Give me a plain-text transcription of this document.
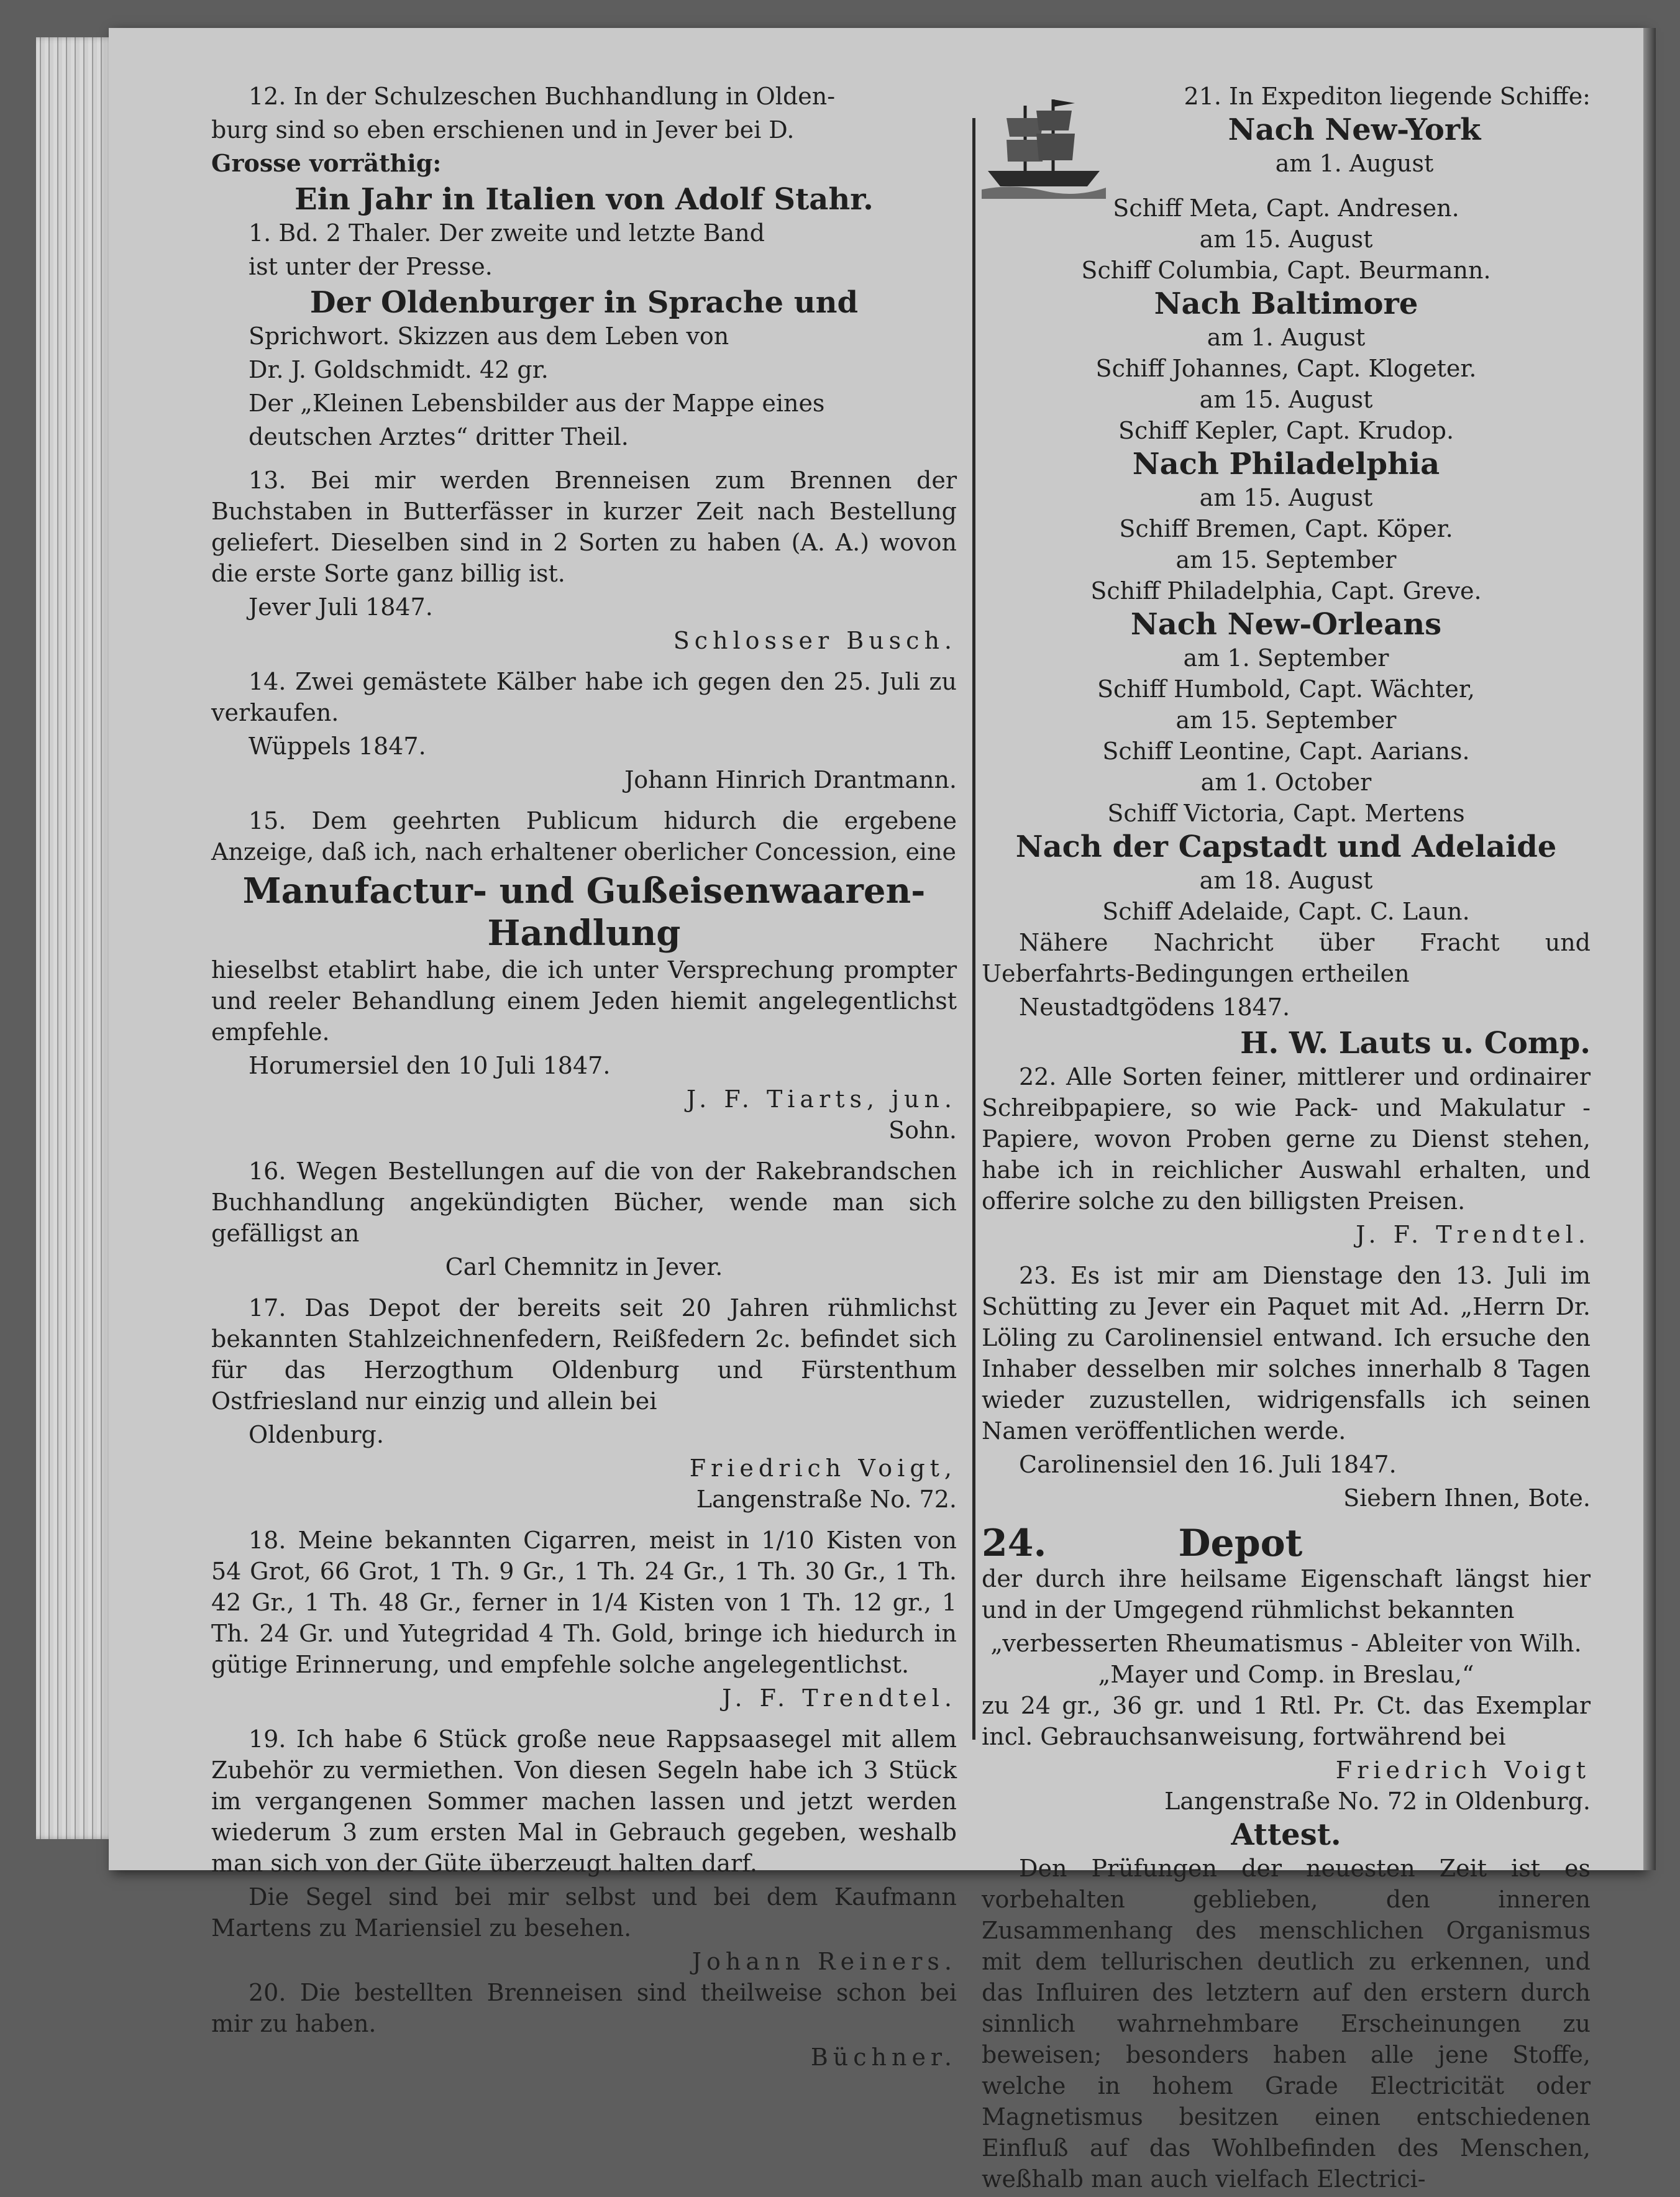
12. In der Schulzeschen Buchhandlung in Olden-
burg sind so eben erschienen und in Jever bei D.
Grosse vorräthig:
Ein Jahr in Italien von Adolf Stahr.
1. Bd. 2 Thaler. Der zweite und letzte Band
ist unter der Presse.
Der Oldenburger in Sprache und
Sprichwort. Skizzen aus dem Leben von
Dr. J. Goldschmidt. 42 gr.
Der „Kleinen Lebensbilder aus der Mappe eines
deutschen Arztes“ dritter Theil.
13. Bei mir werden Brenneisen zum Brennen der Buchstaben in Butterfässer in kurzer Zeit nach Bestellung geliefert. Dieselben sind in 2 Sorten zu haben (A. A.) wovon die erste Sorte ganz billig ist.
Jever Juli 1847.
Schlosser Busch.
14. Zwei gemästete Kälber habe ich gegen den 25. Juli zu verkaufen.
Wüppels 1847.
Johann Hinrich Drantmann.
15. Dem geehrten Publicum hidurch die ergebene Anzeige, daß ich, nach erhaltener oberlicher Concession, eine
Manufactur- und Gußeisenwaaren-
Handlung
hieselbst etablirt habe, die ich unter Versprechung prompter und reeler Behandlung einem Jeden hiemit angelegentlichst empfehle.
Horumersiel den 10 Juli 1847.
J. F. Tiarts, jun.
Sohn.
16. Wegen Bestellungen auf die von der Rakebrandschen Buchhandlung angekündigten Bücher, wende man sich gefälligst an
Carl Chemnitz in Jever.
17. Das Depot der bereits seit 20 Jahren rühmlichst bekannten Stahlzeichnenfedern, Reißfedern 2c. befindet sich für das Herzogthum Oldenburg und Fürstenthum Ostfriesland nur einzig und allein bei
Oldenburg.
Friedrich Voigt,
Langenstraße No. 72.
18. Meine bekannten Cigarren, meist in 1/10 Kisten von 54 Grot, 66 Grot, 1 Th. 9 Gr., 1 Th. 24 Gr., 1 Th. 30 Gr., 1 Th. 42 Gr., 1 Th. 48 Gr., ferner in 1/4 Kisten von 1 Th. 12 gr., 1 Th. 24 Gr. und Yutegridad 4 Th. Gold, bringe ich hiedurch in gütige Erinnerung, und empfehle solche angelegentlichst.
J. F. Trendtel.
19. Ich habe 6 Stück große neue Rappsaasegel mit allem Zubehör zu vermiethen. Von diesen Segeln habe ich 3 Stück im vergangenen Sommer machen lassen und jetzt werden wiederum 3 zum ersten Mal in Gebrauch gegeben, weshalb man sich von der Güte überzeugt halten darf.
Die Segel sind bei mir selbst und bei dem Kaufmann Martens zu Mariensiel zu besehen.
Johann Reiners.
20. Die bestellten Brenneisen sind theilweise schon bei mir zu haben.
Büchner.
21. In Expediton liegende Schiffe:
Nach New-York
am 1. August
Schiff Meta, Capt. Andresen.
am 15. August
Schiff Columbia, Capt. Beurmann.
Nach Baltimore
am 1. August
Schiff Johannes, Capt. Klogeter.
am 15. August
Schiff Kepler, Capt. Krudop.
Nach Philadelphia
am 15. August
Schiff Bremen, Capt. Köper.
am 15. September
Schiff Philadelphia, Capt. Greve.
Nach New-Orleans
am 1. September
Schiff Humbold, Capt. Wächter,
am 15. September
Schiff Leontine, Capt. Aarians.
am 1. October
Schiff Victoria, Capt. Mertens
Nach der Capstadt und Adelaide
am 18. August
Schiff Adelaide, Capt. C. Laun.
Nähere Nachricht über Fracht und Ueberfahrts-Bedingungen ertheilen
Neustadtgödens 1847.
H. W. Lauts u. Comp.
22. Alle Sorten feiner, mittlerer und ordinairer Schreibpapiere, so wie Pack- und Makulatur - Papiere, wovon Proben gerne zu Dienst stehen, habe ich in reichlicher Auswahl erhalten, und offerire solche zu den billigsten Preisen.
J. F. Trendtel.
23. Es ist mir am Dienstage den 13. Juli im Schütting zu Jever ein Paquet mit Ad. „Herrn Dr. Löling zu Carolinensiel entwand. Ich ersuche den Inhaber desselben mir solches innerhalb 8 Tagen wieder zuzustellen, widrigensfalls ich seinen Namen veröffentlichen werde.
Carolinensiel den 16. Juli 1847.
Siebern Ihnen, Bote.
24.	Depot
der durch ihre heilsame Eigenschaft längst hier und in der Umgegend rühmlichst bekannten
„verbesserten Rheumatismus - Ableiter von Wilh.
„Mayer und Comp. in Breslau,“
zu 24 gr., 36 gr. und 1 Rtl. Pr. Ct. das Exemplar incl. Gebrauchsanweisung, fortwährend bei
Friedrich Voigt
Langenstraße No. 72 in Oldenburg.
Attest.
Den Prüfungen der neuesten Zeit ist es vorbehalten geblieben, den inneren Zusammenhang des menschlichen Organismus mit dem tellurischen deutlich zu erkennen, und das Influiren des letztern auf den erstern durch sinnlich wahrnehmbare Erscheinungen zu beweisen; besonders haben alle jene Stoffe, welche in hohem Grade Electricität oder Magnetismus besitzen einen entschiedenen Einfluß auf das Wohlbefinden des Menschen, weßhalb man auch vielfach Electrici-
